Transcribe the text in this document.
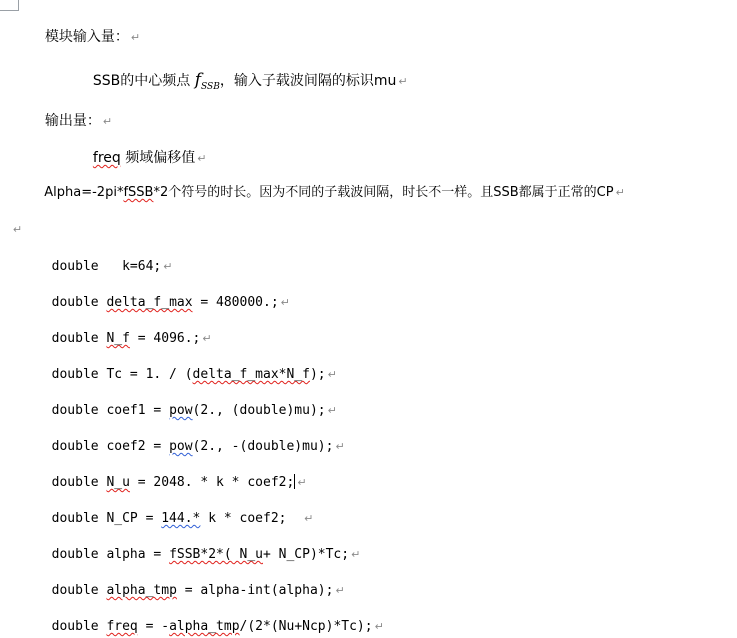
模块输入量： ↵

SSB的中心频点 $f_{SSB}$，输入子载波间隔的标识mu ↵

输出量： ↵

freq 频域偏移值 ↵

Alpha=-2pi*fSSB*2个符号的时长。因为不同的子载波间隔，时长不一样。且SSB都属于正常的CP ↵

↵

double   k=64; ↵

double delta_f_max = 480000.; ↵

double N_f = 4096.; ↵

double Tc = 1. / (delta_f_max*N_f); ↵

double coef1 = pow(2., (double)mu); ↵

double coef2 = pow(2., -(double)mu); ↵

double N_u = 2048. * k * coef2; ↵

double N_CP = 144.* k * coef2;  ↵

double alpha = fSSB*2*( N_u+ N_CP)*Tc; ↵

double alpha_tmp = alpha-int(alpha); ↵

double freq = -alpha_tmp/(2*(Nu+Ncp)*Tc); ↵
